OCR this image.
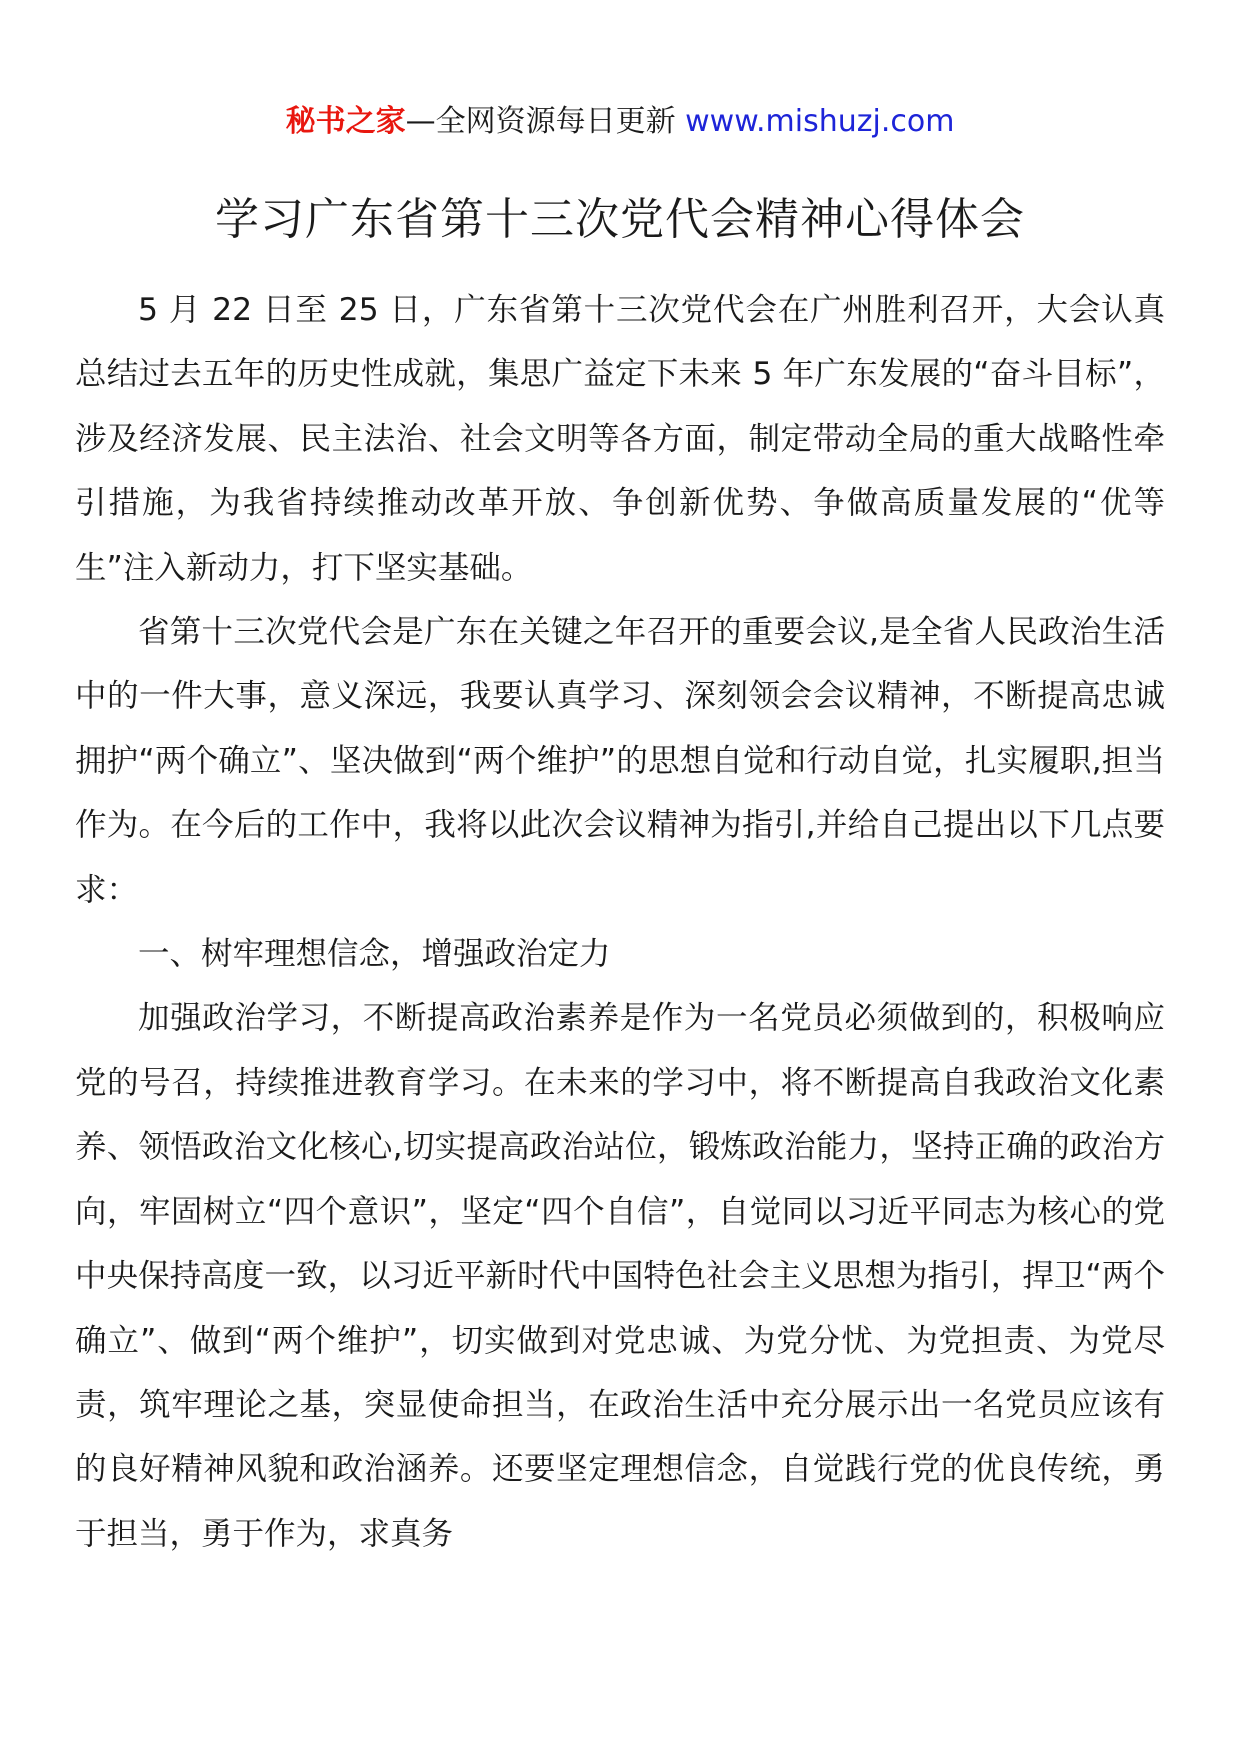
秘书之家—全网资源每日更新 www.mishuzj.com
学习广东省第十三次党代会精神心得体会

5 月 22 日至 25 日，广东省第十三次党代会在广州胜利召开，大会认真总结过去五年的历史性成就，集思广益定下未来 5 年广东发展的“奋斗目标”，涉及经济发展、民主法治、社会文明等各方面，制定带动全局的重大战略性牵引措施，为我省持续推动改革开放、争创新优势、争做高质量发展的“优等生”注入新动力，打下坚实基础。

省第十三次党代会是广东在关键之年召开的重要会议,是全省人民政治生活中的一件大事，意义深远，我要认真学习、深刻领会会议精神，不断提高忠诚拥护“两个确立”、坚决做到“两个维护”的思想自觉和行动自觉，扎实履职,担当作为。在今后的工作中，我将以此次会议精神为指引,并给自己提出以下几点要求：

一、树牢理想信念，增强政治定力

加强政治学习，不断提高政治素养是作为一名党员必须做到的，积极响应党的号召，持续推进教育学习。在未来的学习中，将不断提高自我政治文化素养、领悟政治文化核心,切实提高政治站位，锻炼政治能力，坚持正确的政治方向，牢固树立“四个意识”，坚定“四个自信”，自觉同以习近平同志为核心的党中央保持高度一致，以习近平新时代中国特色社会主义思想为指引，捍卫“两个确立”、做到“两个维护”，切实做到对党忠诚、为党分忧、为党担责、为党尽责，筑牢理论之基，突显使命担当，在政治生活中充分展示出一名党员应该有的良好精神风貌和政治涵养。还要坚定理想信念，自觉践行党的优良传统，勇于担当，勇于作为，求真务
